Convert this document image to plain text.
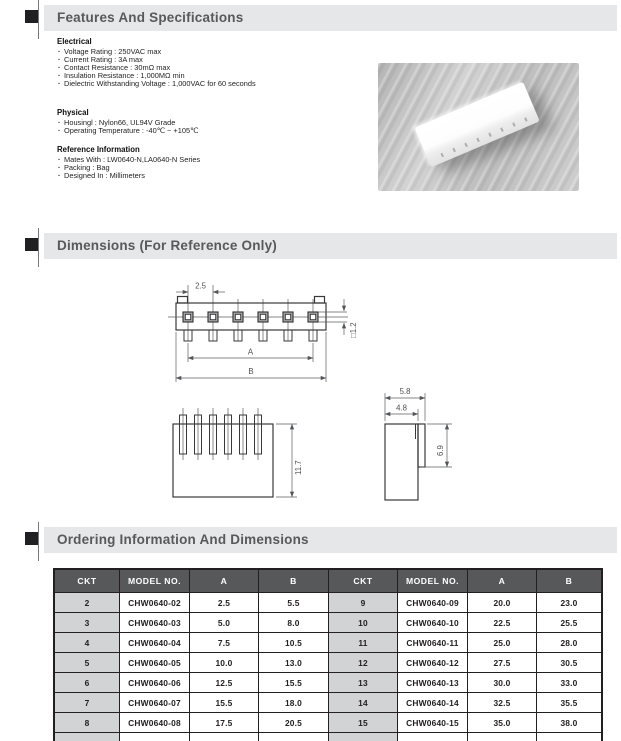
Features And Specifications
Electrical
· Voltage Rating : 250VAC max
· Current Rating : 3A max
· Contact Resistance : 30mΩ max
· Insulation Resistance : 1,000MΩ min
· Dielectric Withstanding Voltage : 1,000VAC for 60 seconds
Physical
· Housingl : Nylon66, UL94V Grade
· Operating Temperature : -40℃ ~ +105℃
Reference Information
· Mates With : LW0640-N,LA0640-N Series
· Packing : Bag
· Designed In : Millimeters
Dimensions (For Reference Only)
B
A
2.5
□1.2
11.7
5.8
4.8
6.9
Ordering Information And Dimensions
CKT	MODEL NO.	A	B	CKT	MODEL NO.	A	B
2	CHW0640-02	2.5	5.5	9	CHW0640-09	20.0	23.0
3	CHW0640-03	5.0	8.0	10	CHW0640-10	22.5	25.5
4	CHW0640-04	7.5	10.5	11	CHW0640-11	25.0	28.0
5	CHW0640-05	10.0	13.0	12	CHW0640-12	27.5	30.5
6	CHW0640-06	12.5	15.5	13	CHW0640-13	30.0	33.0
7	CHW0640-07	15.5	18.0	14	CHW0640-14	32.5	35.5
8	CHW0640-08	17.5	20.5	15	CHW0640-15	35.0	38.0
